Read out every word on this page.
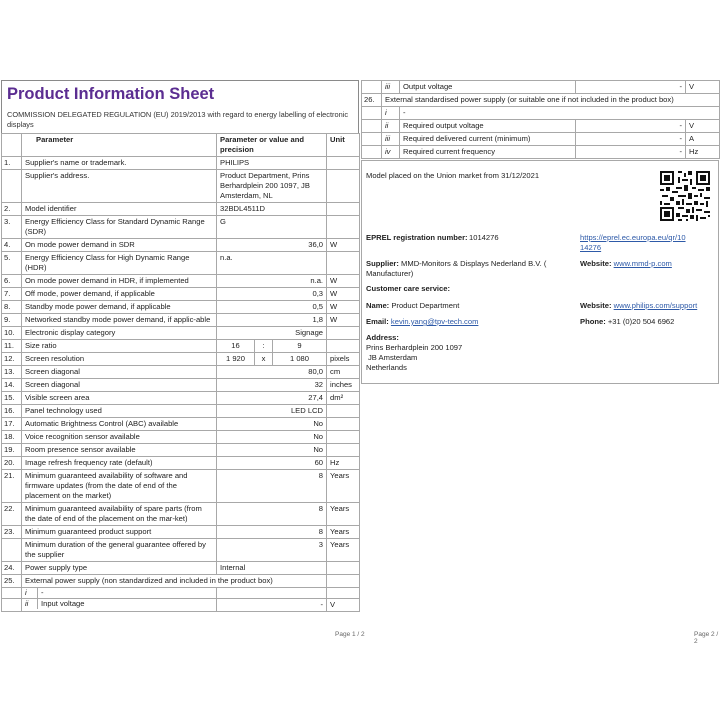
Product Information Sheet
COMMISSION DELEGATED REGULATION (EU) 2019/2013 with regard to energy labelling of electronic displays
	Parameter	Parameter or value and precision			Unit
1.	Supplier's name or trademark.	PHILIPS			
	Supplier's address.	Product Department, Prins Berhardplein 200 1097, JB Amsterdam, NL			
2.	Model identifier	32BDL4511D			
3.	Energy Efficiency Class for Standard Dynamic Range (SDR)	G			
4.	On mode power demand in SDR	36,0			W
5.	Energy Efficiency Class for High Dynamic Range (HDR)	n.a.			
6.	On mode power demand in HDR, if implemented	n.a.			W
7.	Off mode, power demand, if applicable	0,3			W
8.	Standby mode power demand, if applicable	0,5			W
9.	Networked standby mode power demand, if applic-able	1,8			W
10.	Electronic display category	Signage			
11.	Size ratio	16	:	9	
12.	Screen resolution	1 920	x	1 080	pixels
13.	Screen diagonal	80,0			cm
14.	Screen diagonal	32			inches
15.	Visible screen area	27,4			dm²
16.	Panel technology used	LED LCD			
17.	Automatic Brightness Control (ABC) available	No			
18.	Voice recognition sensor available	No			
19.	Room presence sensor available	No			
20.	Image refresh frequency rate (default)	60			Hz
21.	Minimum guaranteed availability of software and firmware updates (from the date of end of the placement on the market)	8			Years
22.	Minimum guaranteed availability of spare parts (from the date of end of the placement on the mar-ket)	8			Years
23.	Minimum guaranteed product support	8			Years
	Minimum duration of the general guarantee offered by the supplier	3			Years
24.	Power supply type	Internal			
25.	External power supply (non standardized and included in the product box)				
	i -				
	ii Input voltage	-			V
	iii	Output voltage	-	V
26.	External standardised power supply (or suitable one if not included in the product box)			
	i	-		
	ii	Required output voltage	-	V
	iii	Required delivered current (minimum)	-	A
	iv	Required current frequency	-	Hz
Model placed on the Union market from 31/12/2021
EPREL registration number: 1014276	https://eprel.ec.europa.eu/qr/10
14276
Supplier: MMD-Monitors & Displays Nederland B.V. (
Manufacturer)
Website: www.mmd-p.com
Customer care service:
Name: Product Department	Website: www.philips.com/support
Email: kevin.yang@tpv-tech.com	Phone: +31 (0)20 504 6962
Address:
Prins Berhardplein 200 1097
JB Amsterdam
Netherlands
Page 1 / 2	Page 2 / 2
